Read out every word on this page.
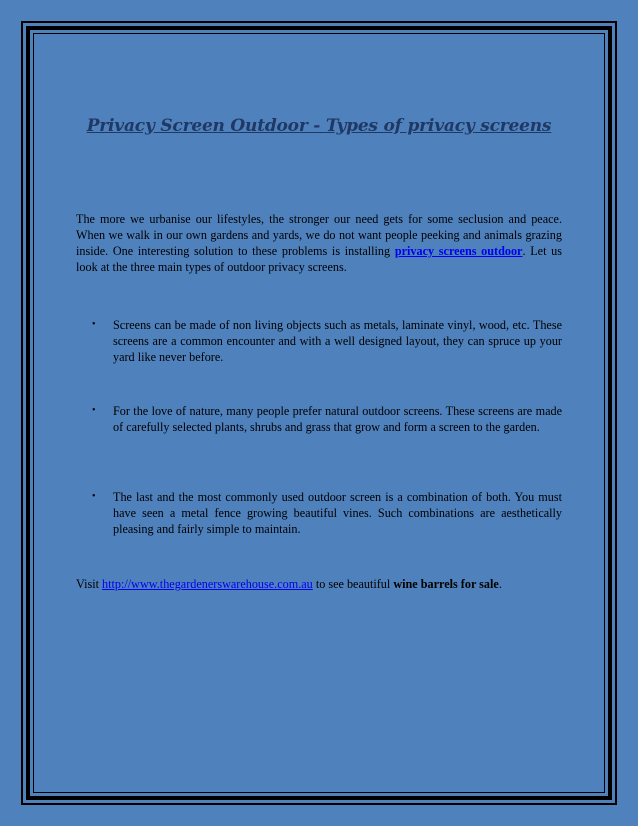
Privacy Screen Outdoor - Types of privacy screens

The more we urbanise our lifestyles, the stronger our need gets for some seclusion and peace. When we walk in our own gardens and yards, we do not want people peeking and animals grazing inside. One interesting solution to these problems is installing privacy screens outdoor. Let us look at the three main types of outdoor privacy screens.

•	Screens can be made of non living objects such as metals, laminate vinyl, wood, etc. These screens are a common encounter and with a well designed layout, they can spruce up your yard like never before.
•	For the love of nature, many people prefer natural outdoor screens. These screens are made of carefully selected plants, shrubs and grass that grow and form a screen to the garden.
•	The last and the most commonly used outdoor screen is a combination of both. You must have seen a metal fence growing beautiful vines. Such combinations are aesthetically pleasing and fairly simple to maintain.

Visit http://www.thegardenerswarehouse.com.au to see beautiful wine barrels for sale.
